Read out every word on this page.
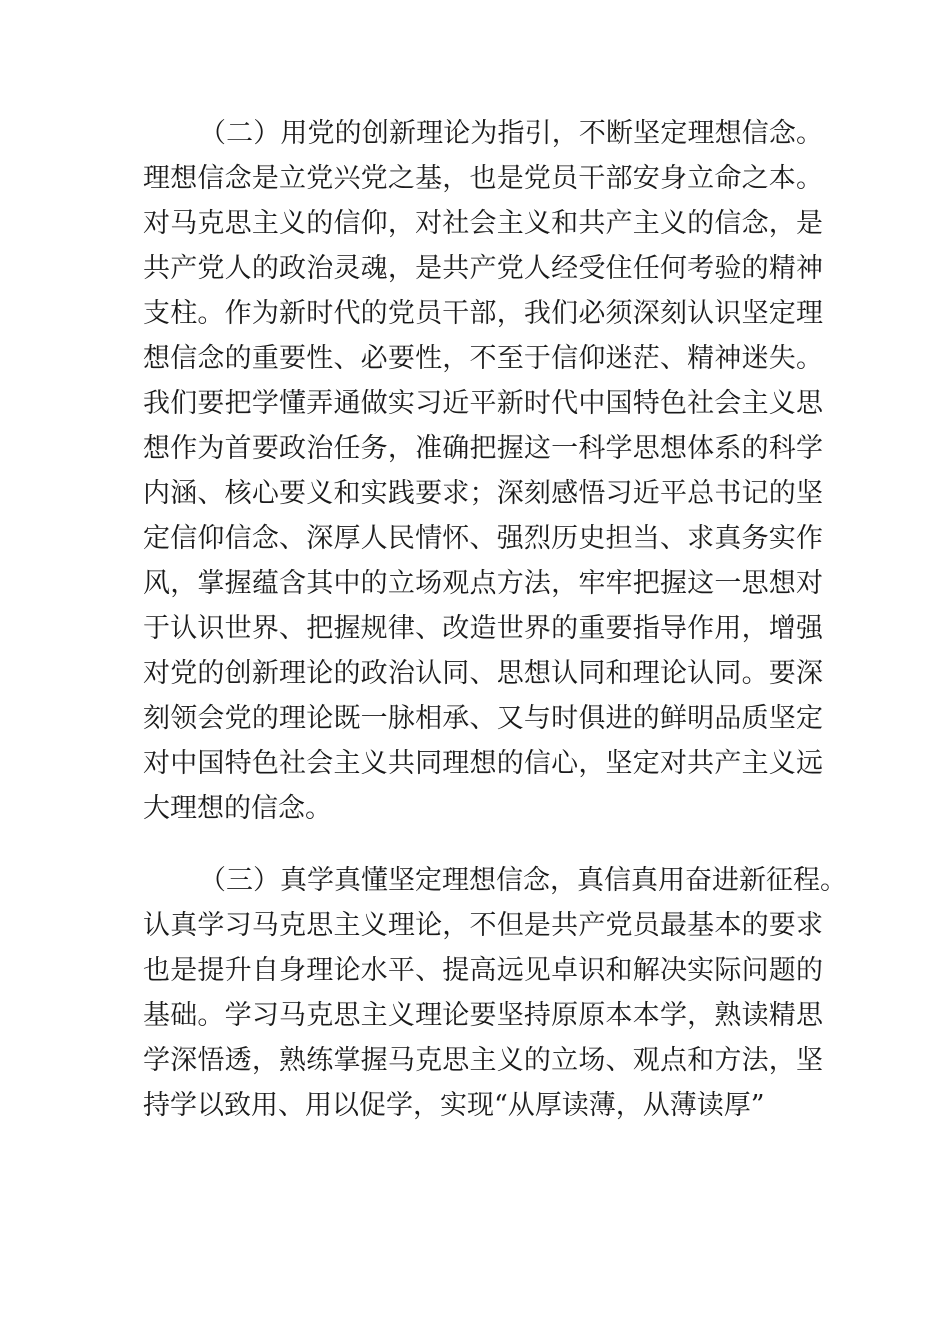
（二）用党的创新理论为指引，不断坚定理想信念。
理想信念是立党兴党之基，也是党员干部安身立命之本。
对马克思主义的信仰，对社会主义和共产主义的信念，是
共产党人的政治灵魂，是共产党人经受住任何考验的精神
支柱。作为新时代的党员干部，我们必须深刻认识坚定理
想信念的重要性、必要性，不至于信仰迷茫、精神迷失。
我们要把学懂弄通做实习近平新时代中国特色社会主义思
想作为首要政治任务，准确把握这一科学思想体系的科学
内涵、核心要义和实践要求；深刻感悟习近平总书记的坚
定信仰信念、深厚人民情怀、强烈历史担当、求真务实作
风，掌握蕴含其中的立场观点方法，牢牢把握这一思想对
于认识世界、把握规律、改造世界的重要指导作用，增强
对党的创新理论的政治认同、思想认同和理论认同。要深
刻领会党的理论既一脉相承、又与时俱进的鲜明品质坚定
对中国特色社会主义共同理想的信心，坚定对共产主义远
大理想的信念。
（三）真学真懂坚定理想信念，真信真用奋进新征程。
认真学习马克思主义理论，不但是共产党员最基本的要求
也是提升自身理论水平、提高远见卓识和解决实际问题的
基础。学习马克思主义理论要坚持原原本本学，熟读精思
学深悟透，熟练掌握马克思主义的立场、观点和方法，坚
持学以致用、用以促学，实现“从厚读薄，从薄读厚”
